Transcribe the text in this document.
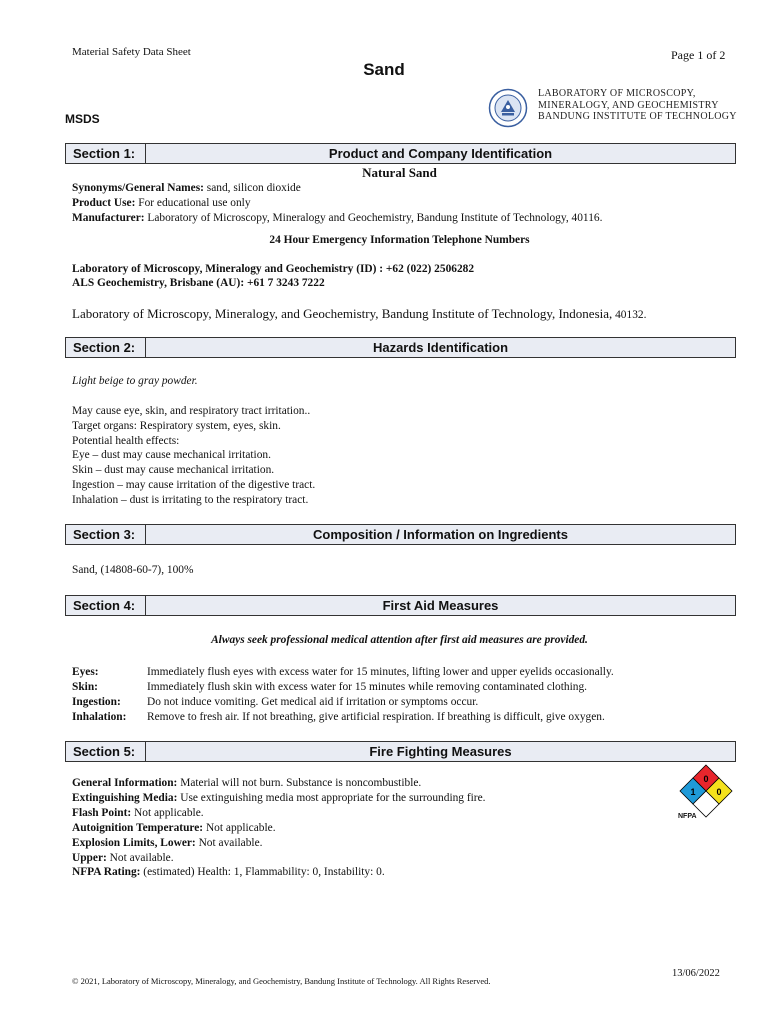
Material Safety Data Sheet	Page 1 of 2
Sand
MSDS
LABORATORY OF MICROSCOPY,
MINERALOGY, AND GEOCHEMISTRY
BANDUNG INSTITUTE OF TECHNOLOGY
Section 1:	Product and Company Identification
Natural Sand
Synonyms/General Names: sand, silicon dioxide
Product Use: For educational use only
Manufacturer: Laboratory of Microscopy, Mineralogy and Geochemistry, Bandung Institute of Technology, 40116.
24 Hour Emergency Information Telephone Numbers
Laboratory of Microscopy, Mineralogy and Geochemistry (ID) : +62 (022) 2506282
ALS Geochemistry, Brisbane (AU): +61 7 3243 7222
Laboratory of Microscopy, Mineralogy, and Geochemistry, Bandung Institute of Technology, Indonesia, 40132.
Section 2:	Hazards Identification
Light beige to gray powder.
May cause eye, skin, and respiratory tract irritation..
Target organs: Respiratory system, eyes, skin.
Potential health effects:
Eye – dust may cause mechanical irritation.
Skin – dust may cause mechanical irritation.
Ingestion – may cause irritation of the digestive tract.
Inhalation – dust is irritating to the respiratory tract.
Section 3:	Composition / Information on Ingredients
Sand, (14808-60-7), 100%
Section 4:	First Aid Measures
Always seek professional medical attention after first aid measures are provided.
Eyes:	Immediately flush eyes with excess water for 15 minutes, lifting lower and upper eyelids occasionally.
Skin:	Immediately flush skin with excess water for 15 minutes while removing contaminated clothing.
Ingestion: Do not induce vomiting. Get medical aid if irritation or symptoms occur.
Inhalation: Remove to fresh air. If not breathing, give artificial respiration. If breathing is difficult, give oxygen.
Section 5:	Fire Fighting Measures
General Information: Material will not burn. Substance is noncombustible.
Extinguishing Media: Use extinguishing media most appropriate for the surrounding fire.
Flash Point: Not applicable.
Autoignition Temperature: Not applicable.
Explosion Limits, Lower: Not available.
Upper: Not available.
NFPA Rating: (estimated) Health: 1, Flammability: 0, Instability: 0.
0
1 0
NFPA
© 2021, Laboratory of Microscopy, Mineralogy, and Geochemistry, Bandung Institute of Technology. All Rights Reserved.
13/06/2022
